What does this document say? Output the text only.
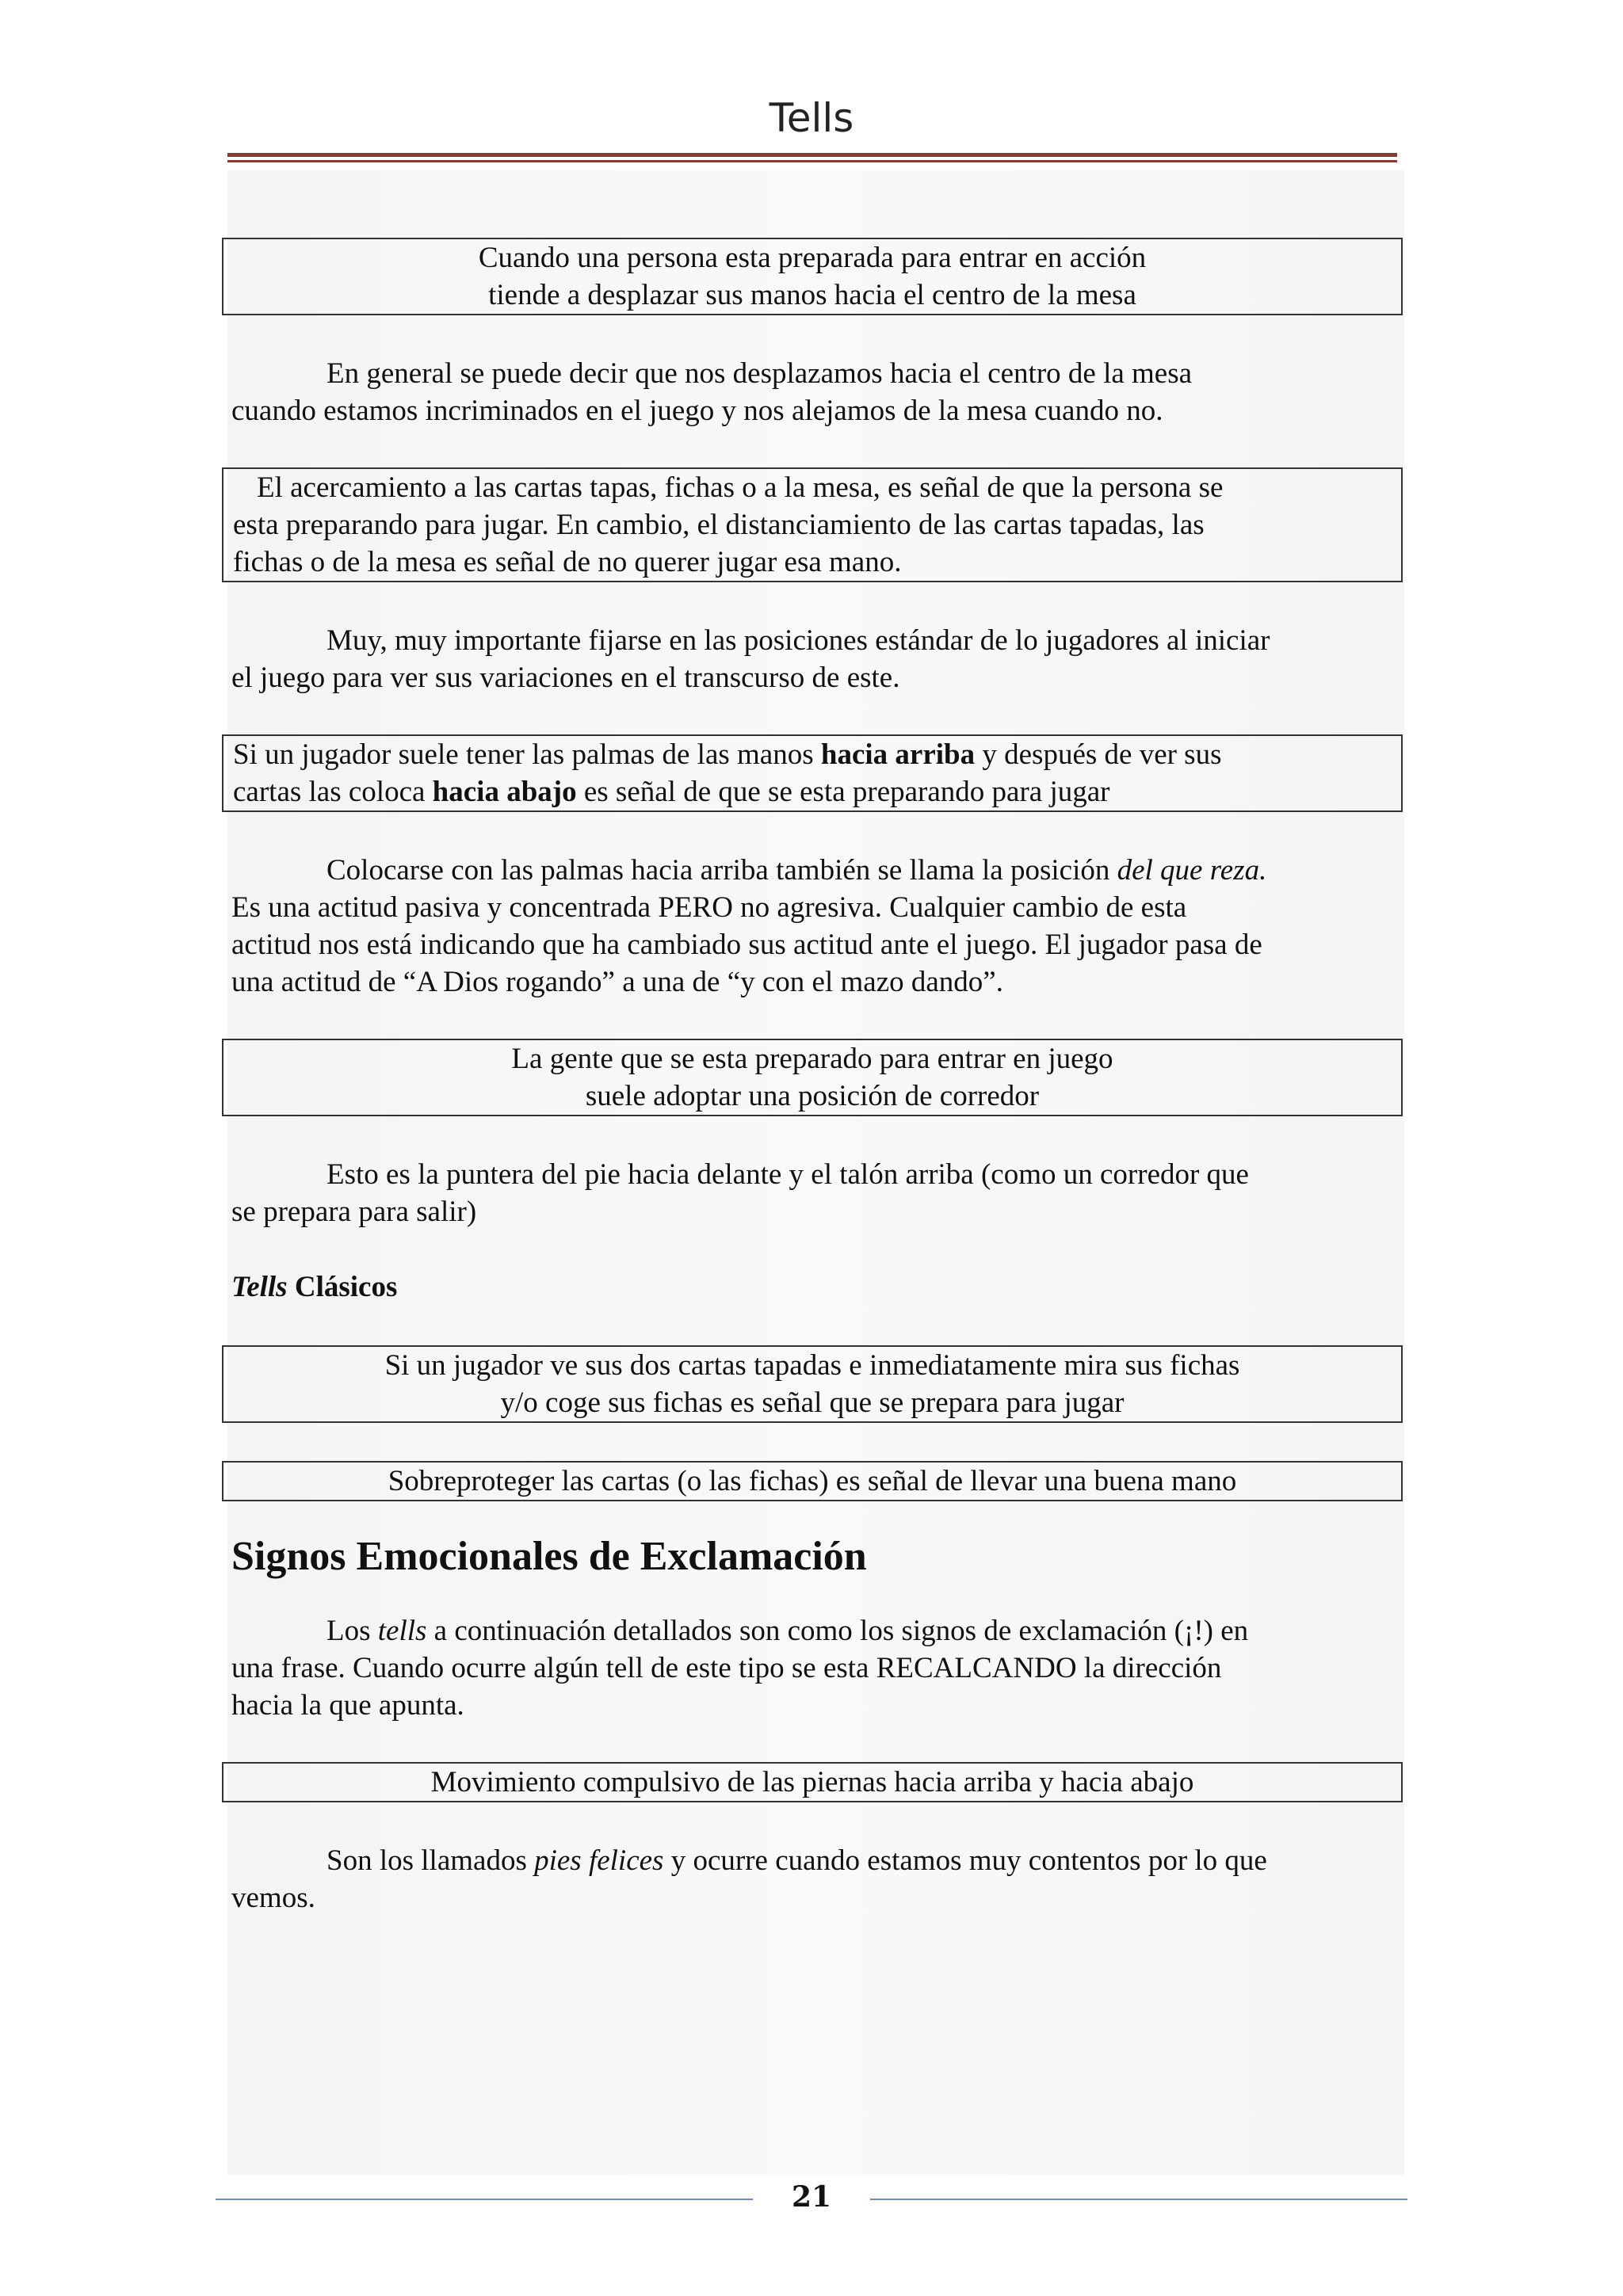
Tells
Cuando una persona esta preparada para entrar en acción
tiende a desplazar sus manos hacia el centro de la mesa
En general se puede decir que nos desplazamos hacia el centro de la mesa
cuando estamos incriminados en el juego y nos alejamos de la mesa cuando no.
El acercamiento a las cartas tapas, fichas o a la mesa, es señal de que la persona se
esta preparando para jugar. En cambio, el distanciamiento de las cartas tapadas, las
fichas o de la mesa es señal de no querer jugar esa mano.
Muy, muy importante fijarse en las posiciones estándar de lo jugadores al iniciar
el juego para ver sus variaciones en el transcurso de este.
Si un jugador suele tener las palmas de las manos hacia arriba y después de ver sus
cartas las coloca hacia abajo es señal de que se esta preparando para jugar
Colocarse con las palmas hacia arriba también se llama la posición del que reza.
Es una actitud pasiva y concentrada PERO no agresiva. Cualquier cambio de esta
actitud nos está indicando que ha cambiado sus actitud ante el juego. El jugador pasa de
una actitud de “A Dios rogando” a una de “y con el mazo dando”.
La gente que se esta preparado para entrar en juego
suele adoptar una posición de corredor
Esto es la puntera del pie hacia delante y el talón arriba (como un corredor que
se prepara para salir)
Tells Clásicos
Si un jugador ve sus dos cartas tapadas e inmediatamente mira sus fichas
y/o coge sus fichas es señal que se prepara para jugar
Sobreproteger las cartas (o las fichas) es señal de llevar una buena mano
Signos Emocionales de Exclamación
Los tells a continuación detallados son como los signos de exclamación (¡!) en
una frase. Cuando ocurre algún tell de este tipo se esta RECALCANDO la dirección
hacia la que apunta.
Movimiento compulsivo de las piernas hacia arriba y hacia abajo
Son los llamados pies felices y ocurre cuando estamos muy contentos por lo que
vemos.
21
